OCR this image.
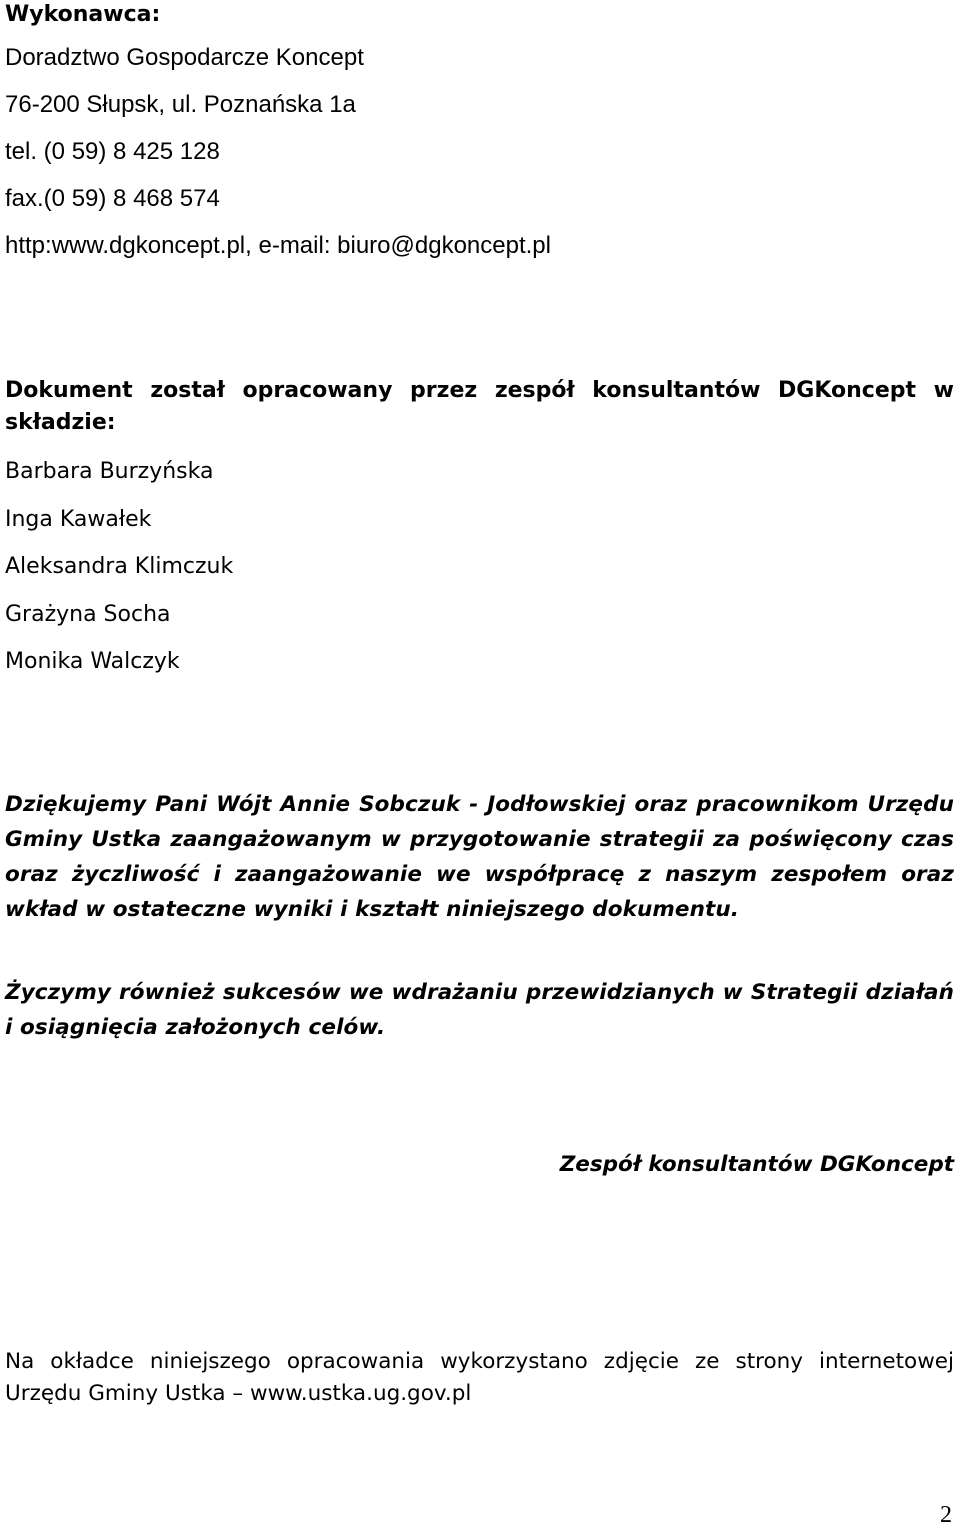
Wykonawca:
Doradztwo Gospodarcze Koncept
76-200 Słupsk, ul. Poznańska 1a
tel. (0 59) 8 425 128
fax.(0 59) 8 468 574
http:www.dgkoncept.pl, e-mail: biuro@dgkoncept.pl
Dokument został opracowany przez zespół konsultantów DGKoncept w składzie:
Barbara Burzyńska
Inga Kawałek
Aleksandra Klimczuk
Grażyna Socha
Monika Walczyk
Dziękujemy Pani Wójt Annie Sobczuk - Jodłowskiej oraz pracownikom Urzędu Gminy Ustka zaangażowanym w przygotowanie strategii za poświęcony czas oraz życzliwość i zaangażowanie we współpracę z naszym zespołem oraz wkład w ostateczne wyniki i kształt niniejszego dokumentu.
Życzymy również sukcesów we wdrażaniu przewidzianych w Strategii działań i osiągnięcia założonych celów.
Zespół konsultantów DGKoncept
Na okładce niniejszego opracowania wykorzystano zdjęcie ze strony internetowej Urzędu Gminy Ustka – www.ustka.ug.gov.pl
2
